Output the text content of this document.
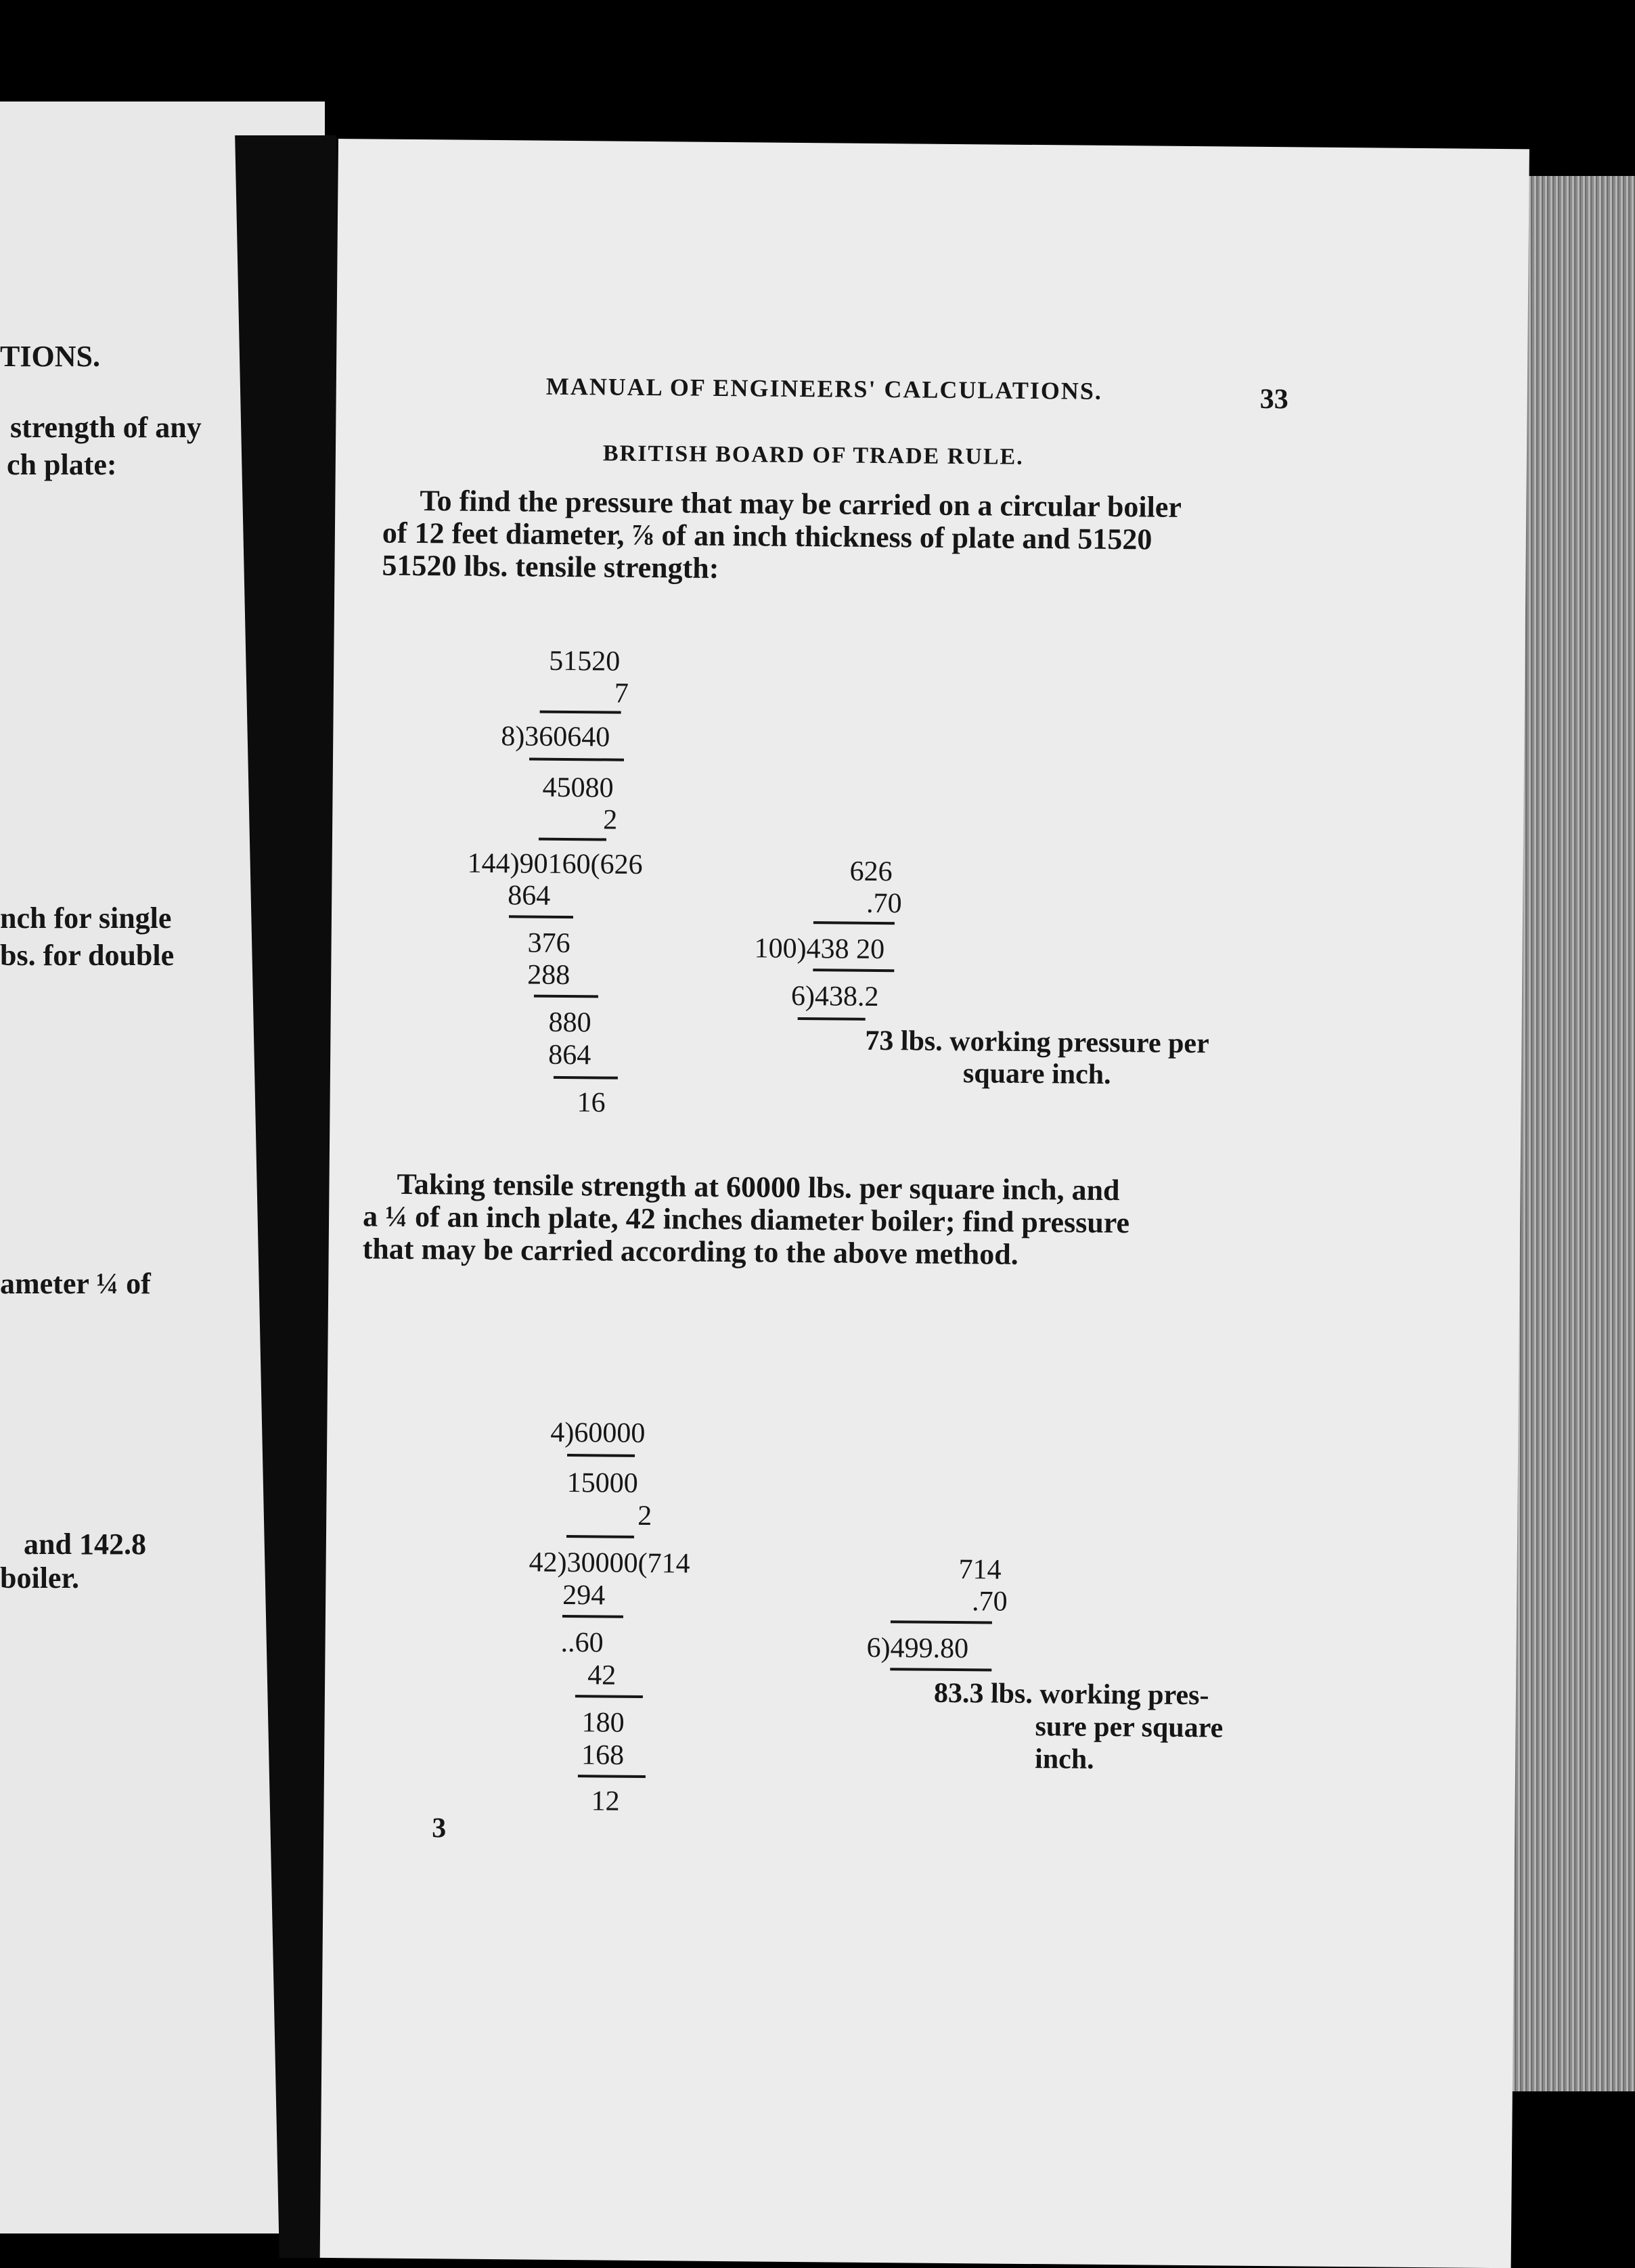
TIONS.
strength of any
ch plate:
nch for single
bs. for double
ameter ¼ of
and 142.8
boiler.
MANUAL OF ENGINEERS' CALCULATIONS.	33
BRITISH BOARD OF TRADE RULE.
To find the pressure that may be carried on a circular boiler
of 12 feet diameter, ⅞ of an inch thickness of plate and 51520
51520 lbs. tensile strength:
51520
7
8)360640
45080
2
144)90160(626
864
376
288
880
864
16
626
.70
100)438 20
6)438.2
73 lbs. working pressure per
square inch.
Taking tensile strength at 60000 lbs. per square inch, and
a ¼ of an inch plate, 42 inches diameter boiler; find pressure
that may be carried according to the above method.
4)60000
15000
2
42)30000(714
294
..60
42
180
168
12
714
.70
6)499.80
83.3 lbs. working pres-
sure per square
inch.
3
